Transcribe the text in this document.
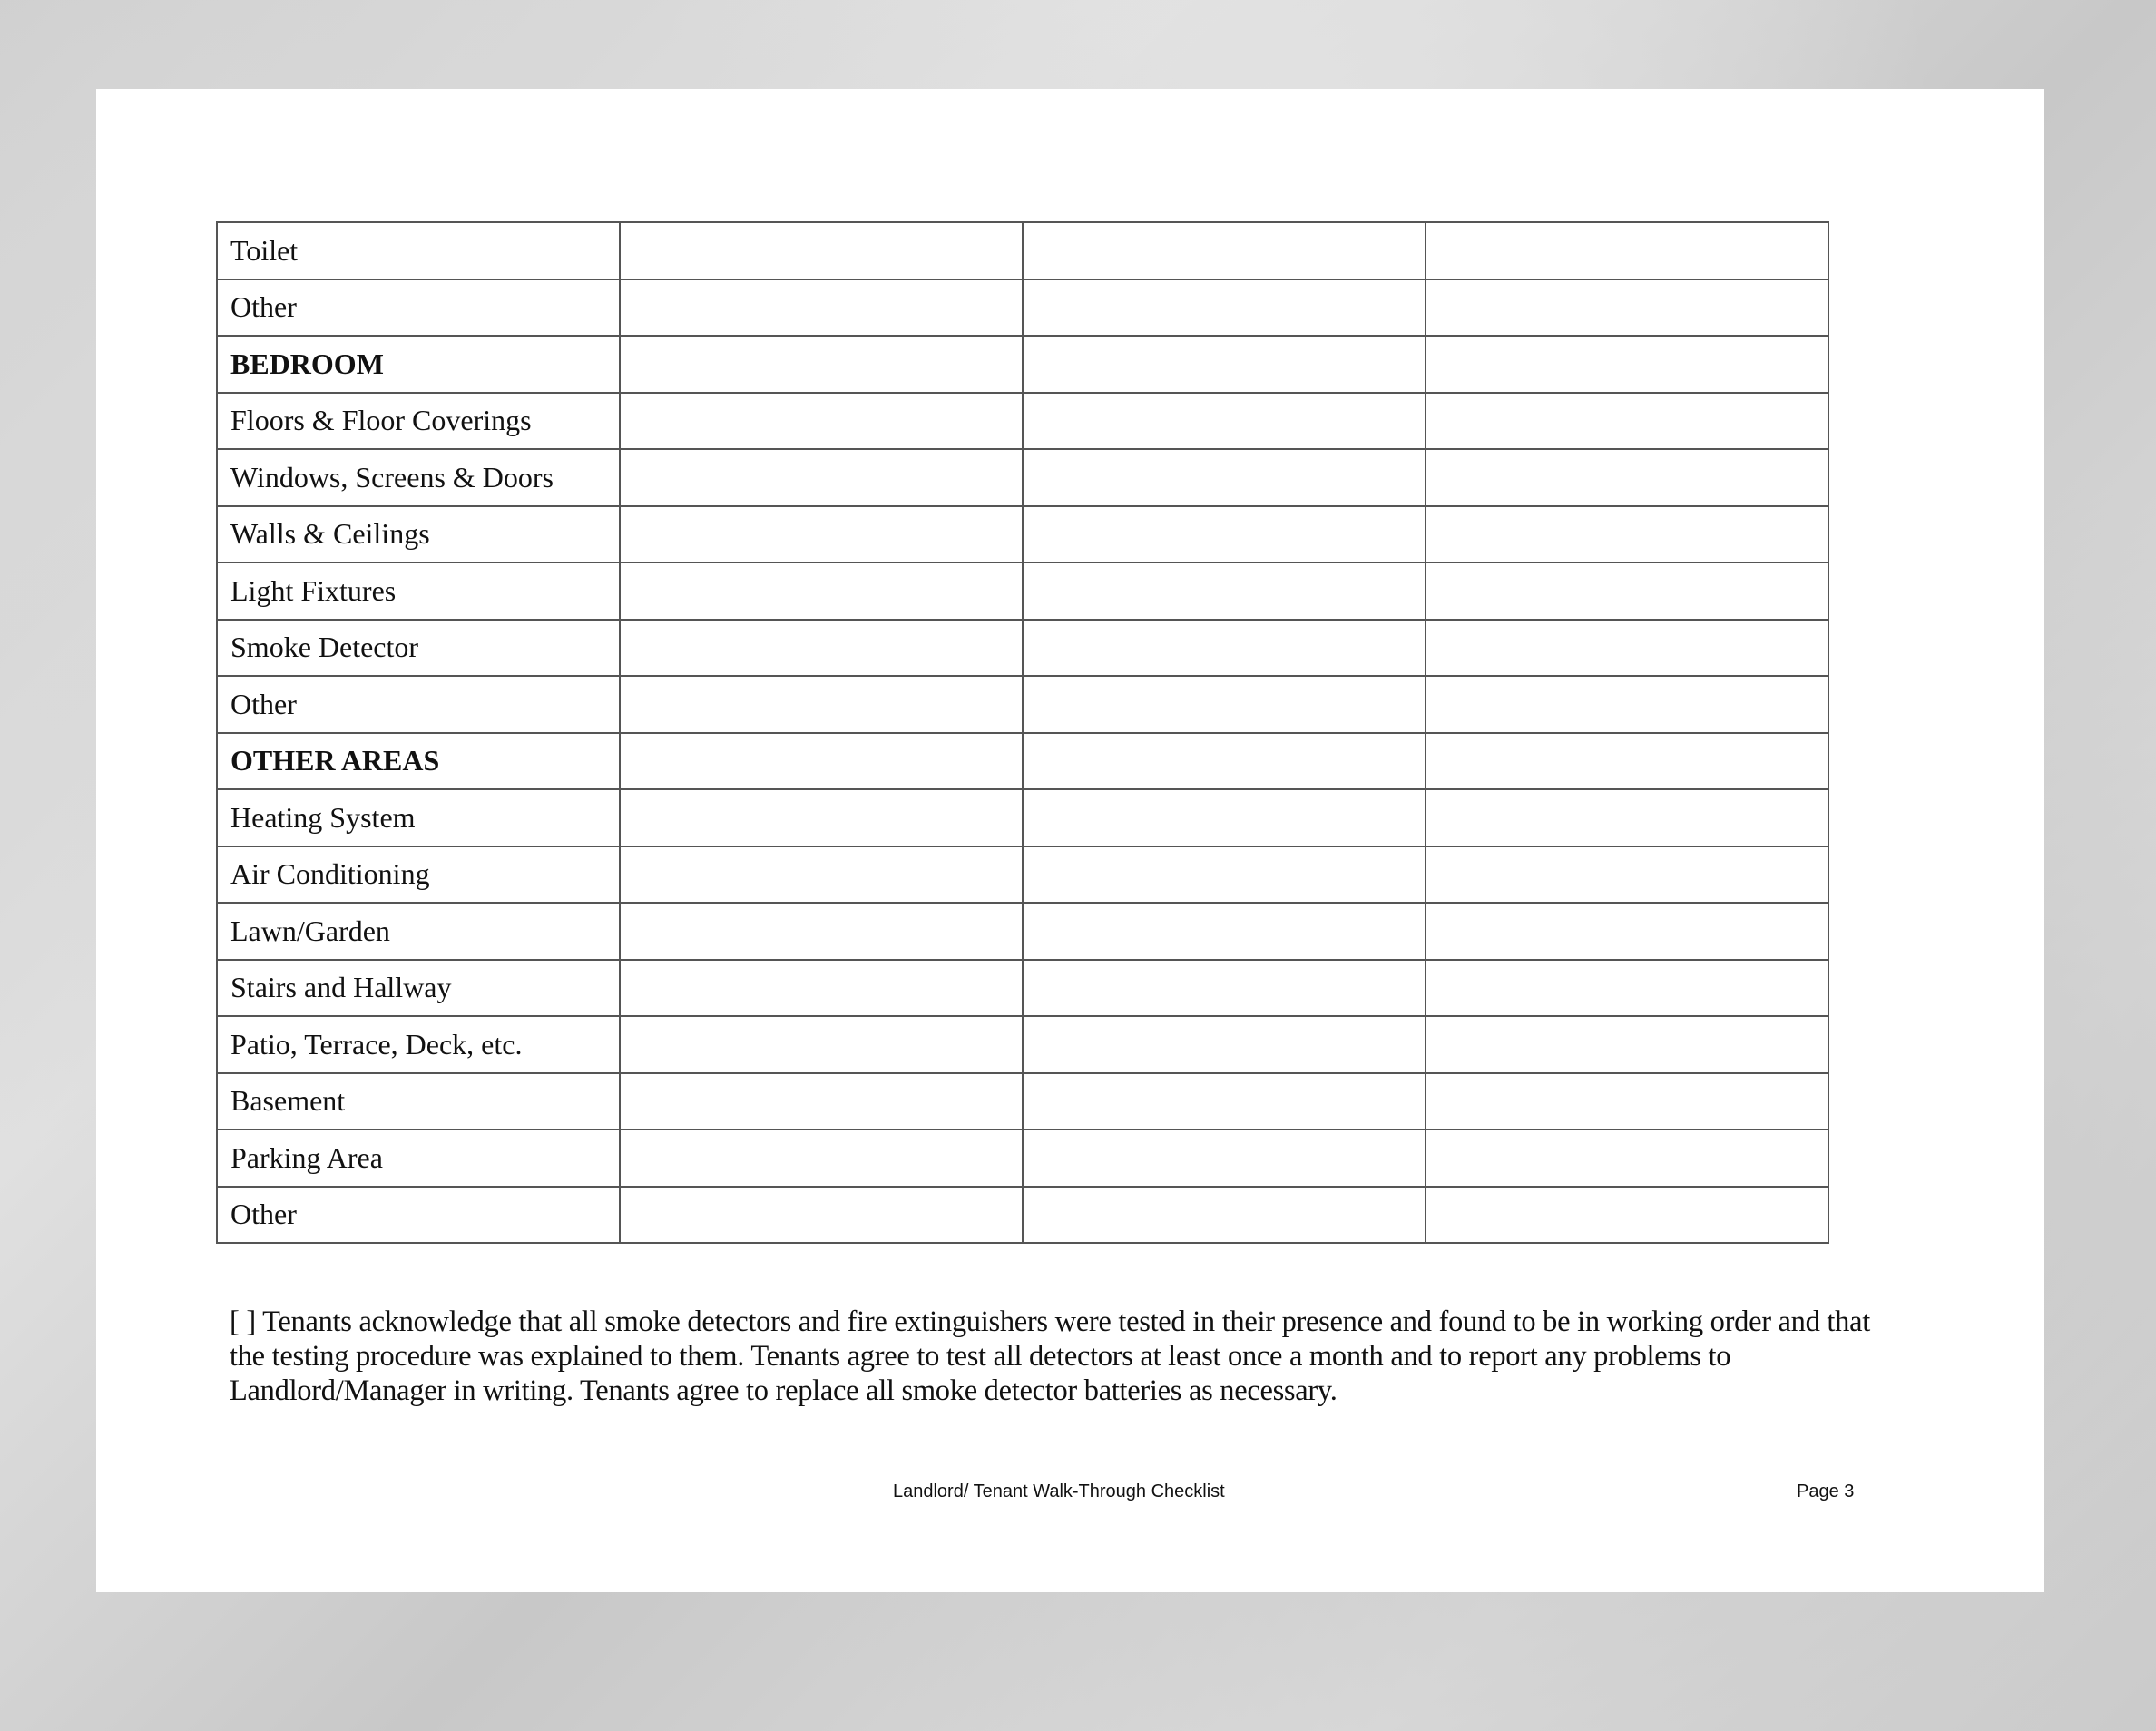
Toilet			
Other			
BEDROOM			
Floors & Floor Coverings			
Windows, Screens & Doors			
Walls & Ceilings			
Light Fixtures			
Smoke Detector			
Other			
OTHER AREAS			
Heating System			
Air Conditioning			
Lawn/Garden			
Stairs and Hallway			
Patio, Terrace, Deck, etc.			
Basement			
Parking Area			
Other			
[ ] Tenants acknowledge that all smoke detectors and fire extinguishers were tested in their presence and found to be in working order and that the testing procedure was explained to them. Tenants agree to test all detectors at least once a month and to report any problems to Landlord/Manager in writing. Tenants agree to replace all smoke detector batteries as necessary.
Landlord/ Tenant Walk-Through Checklist	Page 3
